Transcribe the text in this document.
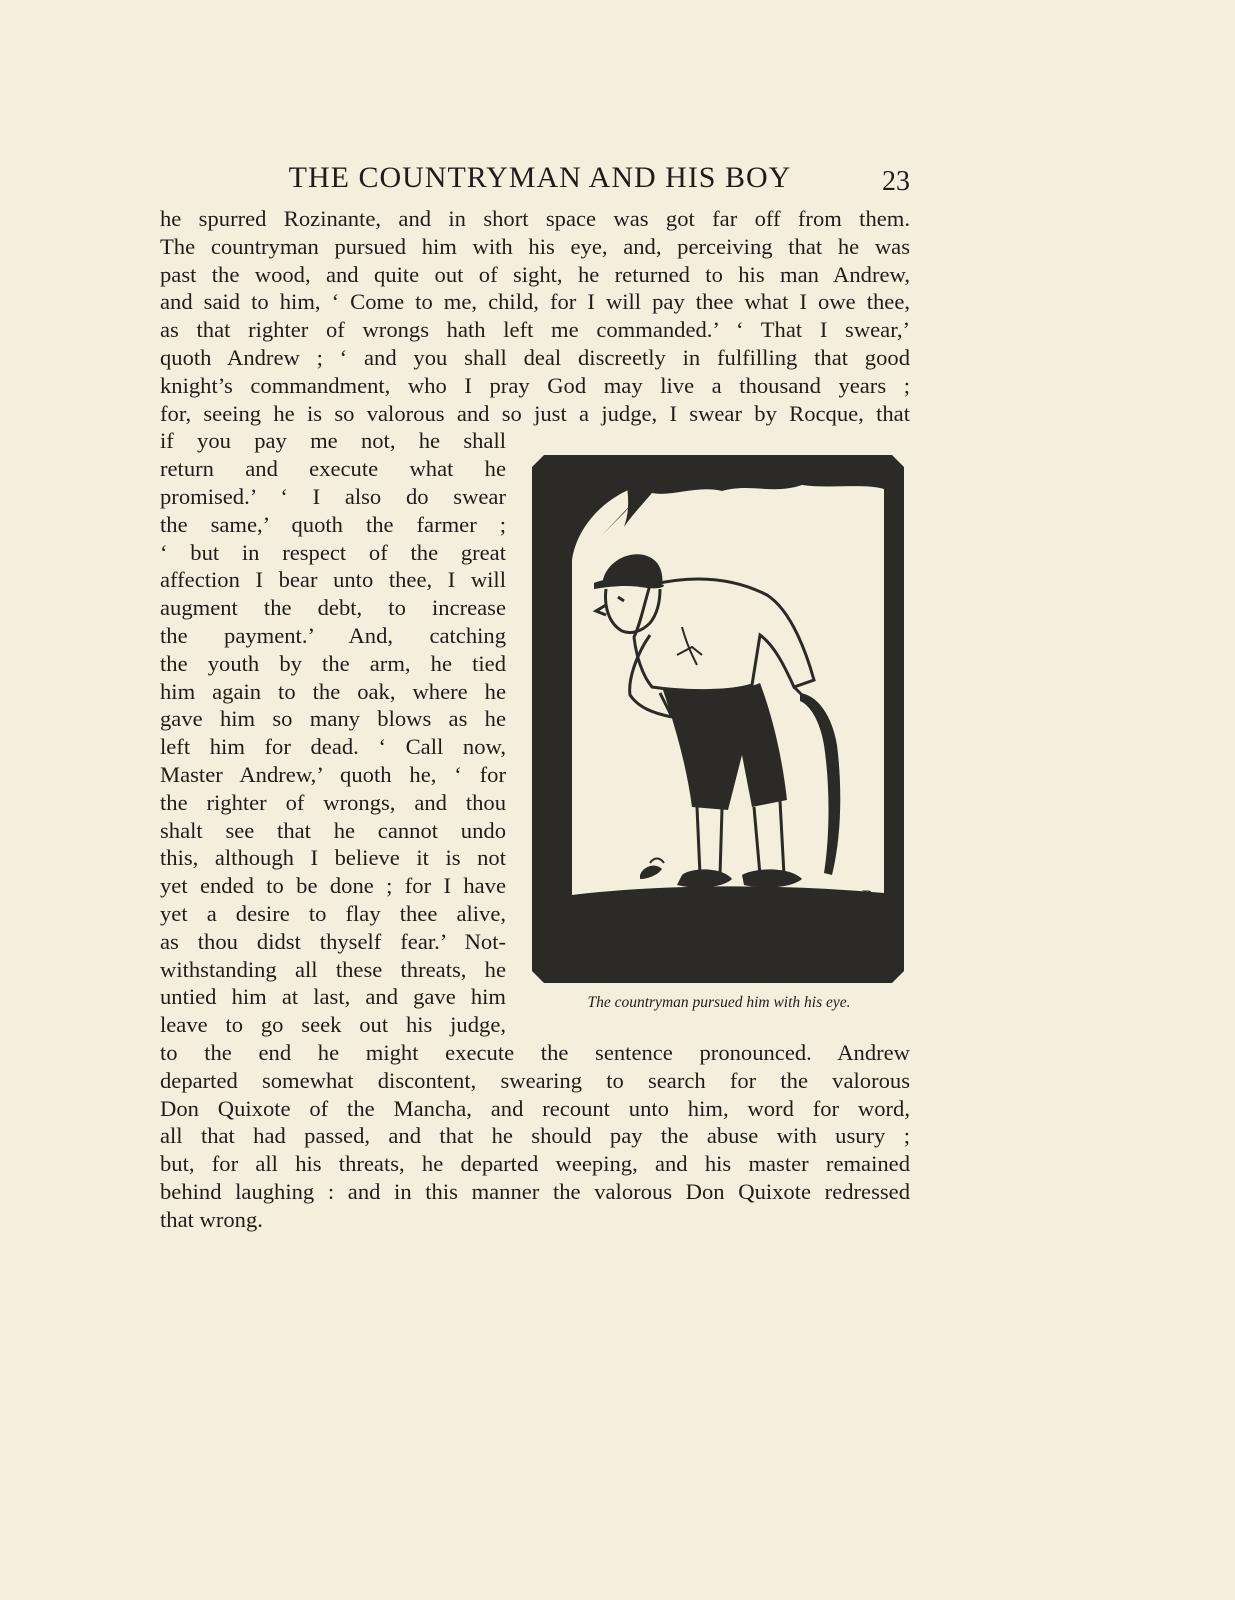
THE COUNTRYMAN AND HIS BOY	23
he spurred Rozinante, and in short space was got far off from them.
The countryman pursued him with his eye, and, perceiving that he was
past the wood, and quite out of sight, he returned to his man Andrew,
and said to him, ‘ Come to me, child, for I will pay thee what I owe thee,
as that righter of wrongs hath left me commanded.’ ‘ That I swear,’
quoth Andrew ; ‘ and you shall deal discreetly in fulfilling that good
knight’s commandment, who I pray God may live a thousand years ;
for, seeing he is so valorous and so just a judge, I swear by Rocque, that
if you pay me not, he shall
return and execute what he
promised.’ ‘ I also do swear
the same,’ quoth the farmer ;
‘ but in respect of the great
affection I bear unto thee, I will
augment the debt, to increase
the payment.’ And, catching
the youth by the arm, he tied
him again to the oak, where he
gave him so many blows as he
left him for dead. ‘ Call now,
Master Andrew,’ quoth he, ‘ for
the righter of wrongs, and thou
shalt see that he cannot undo
this, although I believe it is not
yet ended to be done ; for I have
yet a desire to flay thee alive,
as thou didst thyself fear.’ Not-
withstanding all these threats, he
untied him at last, and gave him
leave to go seek out his judge,
to the end he might execute the sentence pronounced. Andrew
departed somewhat discontent, swearing to search for the valorous
Don Quixote of the Mancha, and recount unto him, word for word,
all that had passed, and that he should pay the abuse with usury ;
but, for all his threats, he departed weeping, and his master remained
behind laughing : and in this manner the valorous Don Quixote redressed
that wrong.
B
The countryman pursued him with his eye.
